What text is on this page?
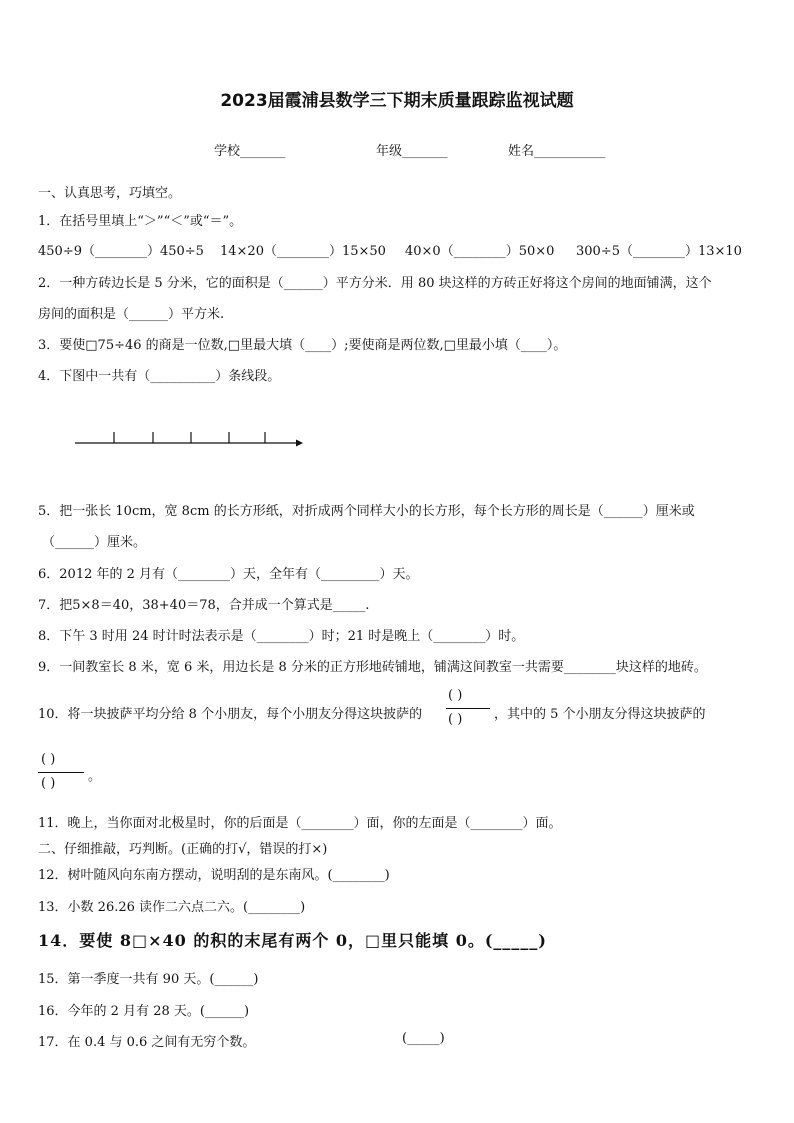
2023届霞浦县数学三下期末质量跟踪监视试题
学校_______	年级_______	姓名___________
一、认真思考，巧填空。
1．在括号里填上“＞”“＜”或“＝”。
450÷9（________）450÷5 14×20（________）15×50 40×0（________）50×0 300÷5（________）13×10
2．一种方砖边长是 5 分米，它的面积是（______）平方分米．用 80 块这样的方砖正好将这个房间的地面铺满，这个
房间的面积是（______）平方米.
3．要使□75÷46 的商是一位数,□里最大填（____）;要使商是两位数,□里最小填（____）。
4．下图中一共有（__________）条线段。
5．把一张长 10cm，宽 8cm 的长方形纸，对折成两个同样大小的长方形，每个长方形的周长是（______）厘米或
（______）厘米。
6．2012 年的 2 月有（________）天，全年有（_________）天。
7．把5×8＝40，38+40＝78，合并成一个算式是_____.
8．下午 3 时用 24 时计时法表示是（________）时；21 时是晚上（________）时。
9．一间教室长 8 米，宽 6 米，用边长是 8 分米的正方形地砖铺地，铺满这间教室一共需要________块这样的地砖。
10．将一块披萨平均分给 8 个小朋友，每个小朋友分得这块披萨的
( )
( ) ，其中的 5 个小朋友分得这块披萨的
( )
( )	。
11．晚上，当你面对北极星时，你的后面是（________）面，你的左面是（________）面。
二、仔细推敲，巧判断。(正确的打√，错误的打×)
12．树叶随风向东南方摆动，说明刮的是东南风。(________)
13．小数 26.26 读作二六点二六。(________)
14．要使 8□×40 的积的末尾有两个 0，□里只能填 0。(_____)
15．第一季度一共有 90 天。(______)
16．今年的 2 月有 28 天。(______)
17．在 0.4 与 0.6 之间有无穷个数。	(_____)
